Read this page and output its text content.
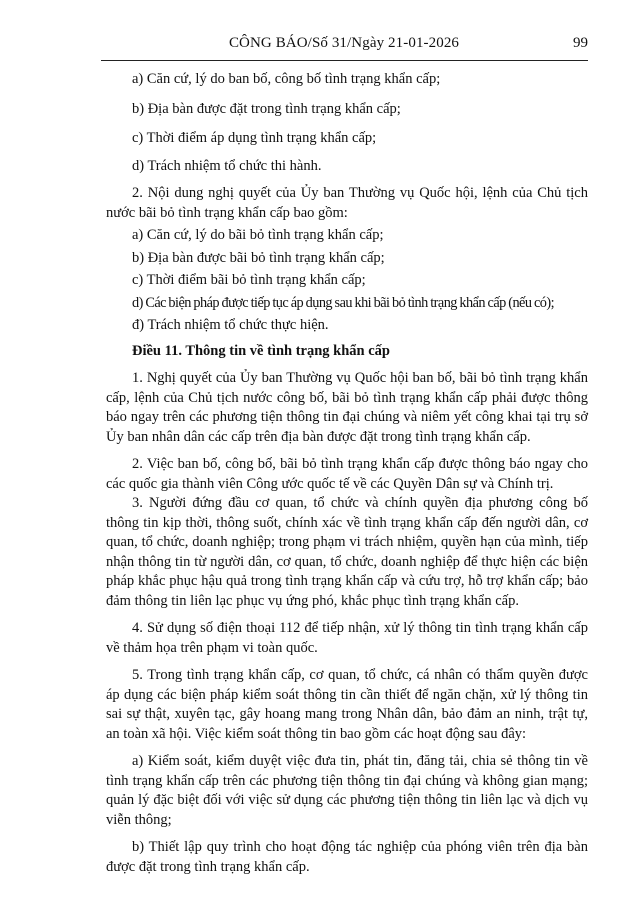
CÔNG BÁO/Số 31/Ngày 21-01-2026	99

a) Căn cứ, lý do ban bố, công bố tình trạng khẩn cấp;

b) Địa bàn được đặt trong tình trạng khẩn cấp;

c) Thời điểm áp dụng tình trạng khẩn cấp;

d) Trách nhiệm tổ chức thi hành.

2. Nội dung nghị quyết của Ủy ban Thường vụ Quốc hội, lệnh của Chủ tịch nước bãi bỏ tình trạng khẩn cấp bao gồm:

a) Căn cứ, lý do bãi bỏ tình trạng khẩn cấp;

b) Địa bàn được bãi bỏ tình trạng khẩn cấp;

c) Thời điểm bãi bỏ tình trạng khẩn cấp;

d) Các biện pháp được tiếp tục áp dụng sau khi bãi bỏ tình trạng khẩn cấp (nếu có);

đ) Trách nhiệm tổ chức thực hiện.

Điều 11. Thông tin về tình trạng khẩn cấp

1. Nghị quyết của Ủy ban Thường vụ Quốc hội ban bố, bãi bỏ tình trạng khẩn cấp, lệnh của Chủ tịch nước công bố, bãi bỏ tình trạng khẩn cấp phải được thông báo ngay trên các phương tiện thông tin đại chúng và niêm yết công khai tại trụ sở Ủy ban nhân dân các cấp trên địa bàn được đặt trong tình trạng khẩn cấp.

2. Việc ban bố, công bố, bãi bỏ tình trạng khẩn cấp được thông báo ngay cho các quốc gia thành viên Công ước quốc tế về các Quyền Dân sự và Chính trị.

3. Người đứng đầu cơ quan, tổ chức và chính quyền địa phương công bố thông tin kịp thời, thông suốt, chính xác về tình trạng khẩn cấp đến người dân, cơ quan, tổ chức, doanh nghiệp; trong phạm vi trách nhiệm, quyền hạn của mình, tiếp nhận thông tin từ người dân, cơ quan, tổ chức, doanh nghiệp để thực hiện các biện pháp khắc phục hậu quả trong tình trạng khẩn cấp và cứu trợ, hỗ trợ khẩn cấp; bảo đảm thông tin liên lạc phục vụ ứng phó, khắc phục tình trạng khẩn cấp.

4. Sử dụng số điện thoại 112 để tiếp nhận, xử lý thông tin tình trạng khẩn cấp về thảm họa trên phạm vi toàn quốc.

5. Trong tình trạng khẩn cấp, cơ quan, tổ chức, cá nhân có thẩm quyền được áp dụng các biện pháp kiểm soát thông tin cần thiết để ngăn chặn, xử lý thông tin sai sự thật, xuyên tạc, gây hoang mang trong Nhân dân, bảo đảm an ninh, trật tự, an toàn xã hội. Việc kiểm soát thông tin bao gồm các hoạt động sau đây:

a) Kiểm soát, kiểm duyệt việc đưa tin, phát tin, đăng tải, chia sẻ thông tin về tình trạng khẩn cấp trên các phương tiện thông tin đại chúng và không gian mạng; quản lý đặc biệt đối với việc sử dụng các phương tiện thông tin liên lạc và dịch vụ viễn thông;

b) Thiết lập quy trình cho hoạt động tác nghiệp của phóng viên trên địa bàn được đặt trong tình trạng khẩn cấp.
